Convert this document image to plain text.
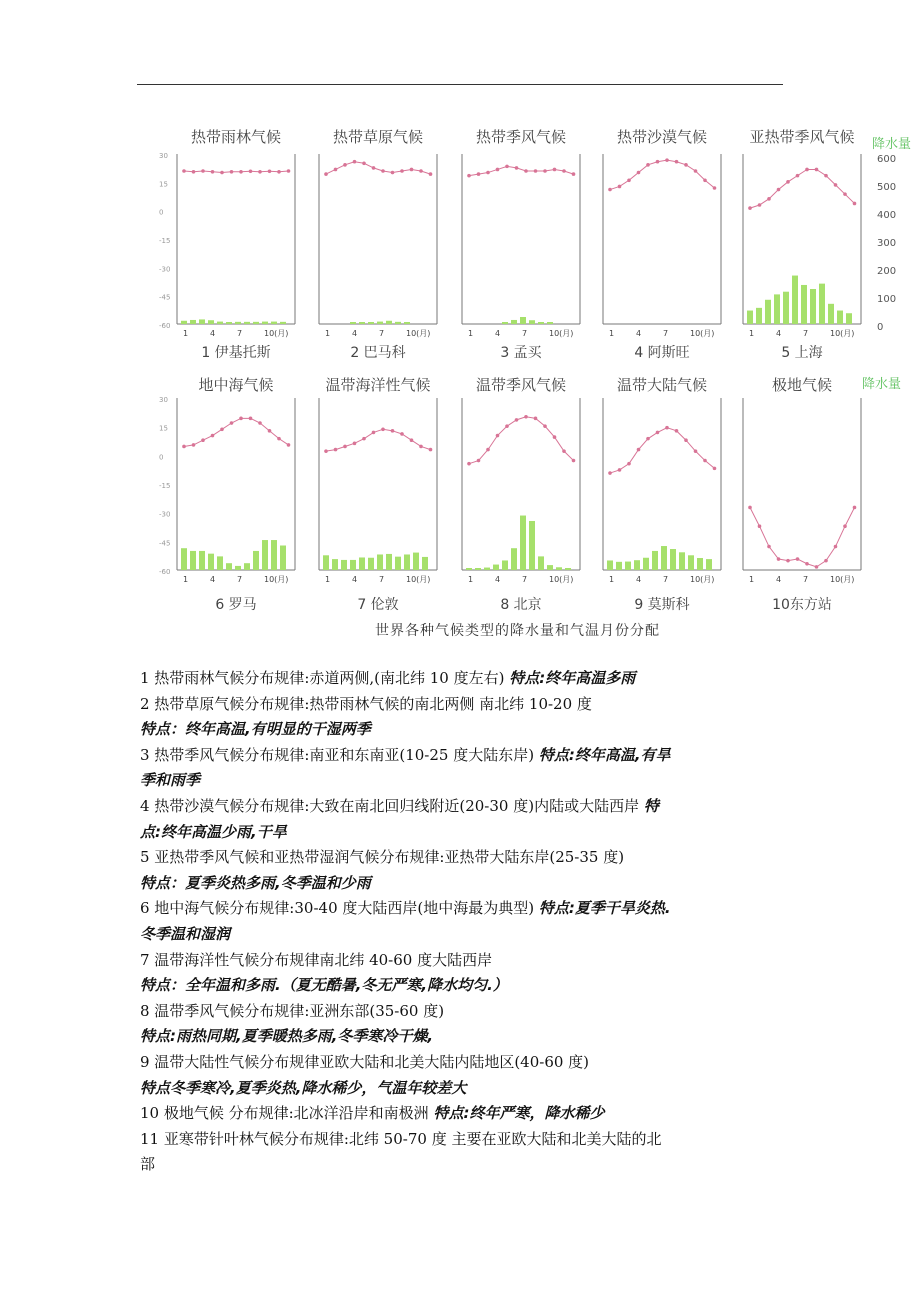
热带雨林气候
1 伊基托斯
1	4	7	10(月)
热带草原气候
2 巴马科
1	4	7	10(月)
热带季风气候
3 孟买
1	4	7	10(月)
热带沙漠气候
4 阿斯旺
1	4	7	10(月)
亚热带季风气候
5 上海
1	4	7	10(月)
地中海气候
6 罗马
1	4	7	10(月)
温带海洋性气候
7 伦敦
1	4	7	10(月)
温带季风气候
8 北京
1	4	7	10(月)
温带大陆气候
9 莫斯科
1	4	7	10(月)
极地气候
10东方站
1	4	7	10(月)
30
15
0
-15
-30
-45
-60
30
15
0
-15
-30
-45
-60
降水量
降水量
600
500
400
300
200
100
0
世界各种气候类型的降水量和气温月份分配
1 热带雨林气候分布规律:赤道两侧,(南北纬 10 度左右) 特点:终年高温多雨
2 热带草原气候分布规律:热带雨林气候的南北两侧 南北纬 10-20 度
特点：终年高温,有明显的干湿两季
3 热带季风气候分布规律:南亚和东南亚(10-25 度大陆东岸) 特点:终年高温,有旱
季和雨季
4 热带沙漠气候分布规律:大致在南北回归线附近(20-30 度)内陆或大陆西岸 特
点:终年高温少雨,干旱
5 亚热带季风气候和亚热带湿润气候分布规律:亚热带大陆东岸(25-35 度)
特点：夏季炎热多雨,冬季温和少雨
6 地中海气候分布规律:30-40 度大陆西岸(地中海最为典型) 特点:夏季干旱炎热.
冬季温和湿润
7 温带海洋性气候分布规律南北纬 40-60 度大陆西岸
特点：全年温和多雨.（夏无酷暑,冬无严寒,降水均匀.）
8 温带季风气候分布规律:亚洲东部(35-60 度)
特点:雨热同期,夏季暖热多雨,冬季寒冷干燥,
9 温带大陆性气候分布规律亚欧大陆和北美大陆内陆地区(40-60 度)
特点冬季寒冷,夏季炎热,降水稀少，气温年较差大
10 极地气候 分布规律:北冰洋沿岸和南极洲 特点:终年严寒，降水稀少
11 亚寒带针叶林气候分布规律:北纬 50-70 度 主要在亚欧大陆和北美大陆的北
部
